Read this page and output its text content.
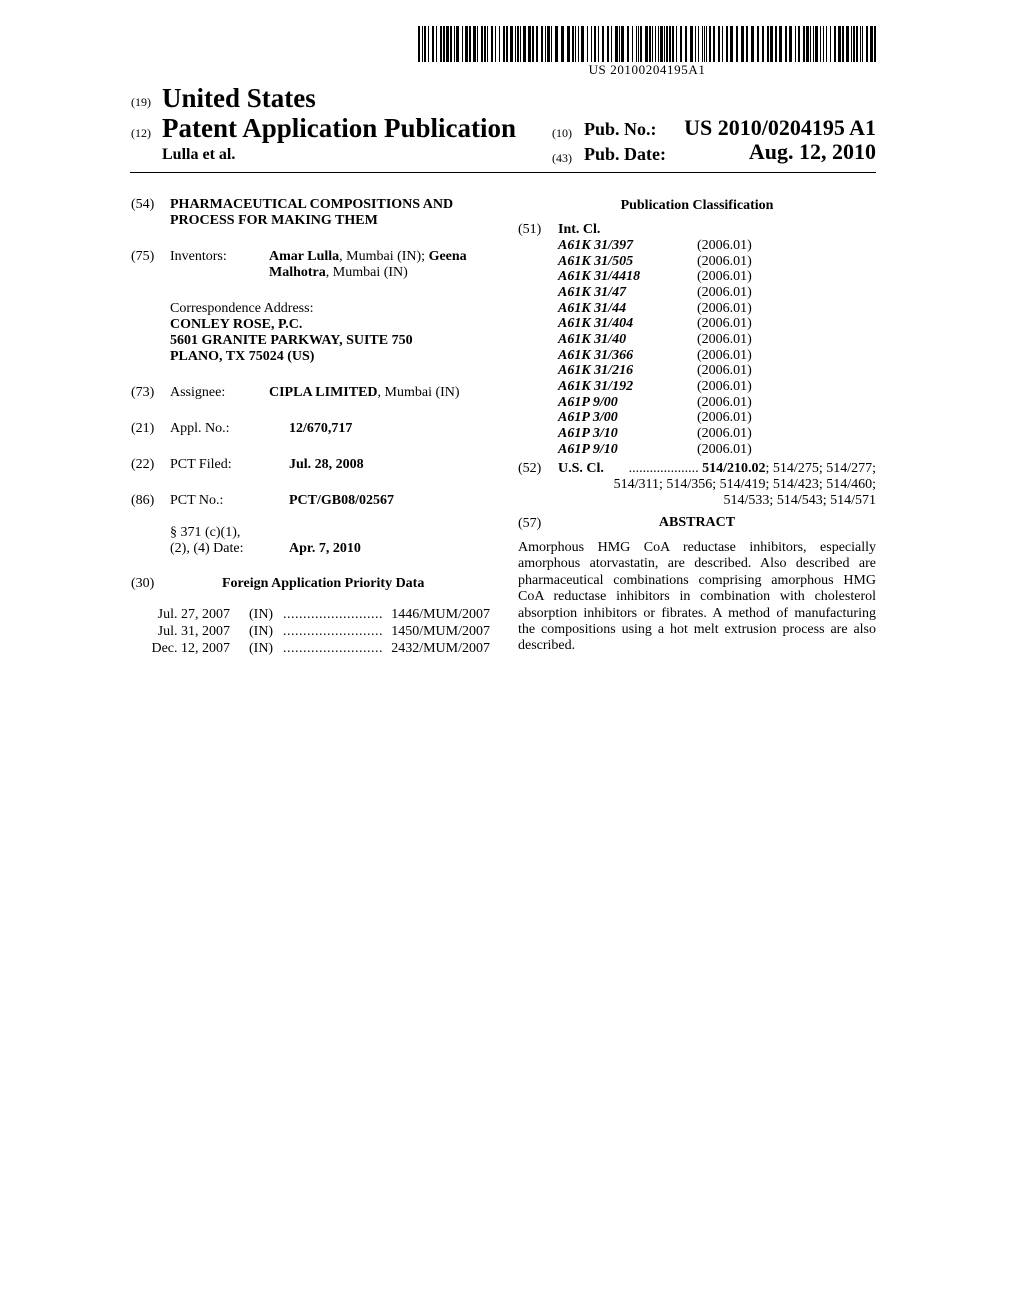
US 20100204195A1
(19) United States
(12) Patent Application Publication
Lulla et al.
(10) Pub. No.:	US 2010/0204195 A1
(43) Pub. Date:	Aug. 12, 2010
(54) PHARMACEUTICAL COMPOSITIONS AND
PROCESS FOR MAKING THEM
(75) Inventors:	Amar Lulla, Mumbai (IN); Geena
Malhotra, Mumbai (IN)
Correspondence Address:
CONLEY ROSE, P.C.
5601 GRANITE PARKWAY, SUITE 750
PLANO, TX 75024 (US)
(73) Assignee:	CIPLA LIMITED, Mumbai (IN)
(21) Appl. No.:	12/670,717
(22) PCT Filed:	Jul. 28, 2008
(86) PCT No.:	PCT/GB08/02567
§ 371 (c)(1),
(2), (4) Date:	Apr. 7, 2010
(30)	Foreign Application Priority Data
Jul. 27, 2007 (IN) ......................... 1446/MUM/2007
Jul. 31, 2007 (IN) ......................... 1450/MUM/2007
Dec. 12, 2007 (IN) ......................... 2432/MUM/2007
Publication Classification
(51) Int. Cl.
A61K 31/397	(2006.01)
A61K 31/505	(2006.01)
A61K 31/4418	(2006.01)
A61K 31/47	(2006.01)
A61K 31/44	(2006.01)
A61K 31/404	(2006.01)
A61K 31/40	(2006.01)
A61K 31/366	(2006.01)
A61K 31/216	(2006.01)
A61K 31/192	(2006.01)
A61P 9/00	(2006.01)
A61P 3/00	(2006.01)
A61P 3/10	(2006.01)
A61P 9/10	(2006.01)
(52) U.S. Cl. .................... 514/210.02; 514/275; 514/277;
514/311; 514/356; 514/419; 514/423; 514/460;
514/533; 514/543; 514/571
(57)	ABSTRACT
Amorphous HMG CoA reductase inhibitors, especially amorphous atorvastatin, are described. Also described are pharmaceutical combinations comprising amorphous HMG CoA reductase inhibitors in combination with cholesterol absorption inhibitors or fibrates. A method of manufacturing the compositions using a hot melt extrusion process are also described.
